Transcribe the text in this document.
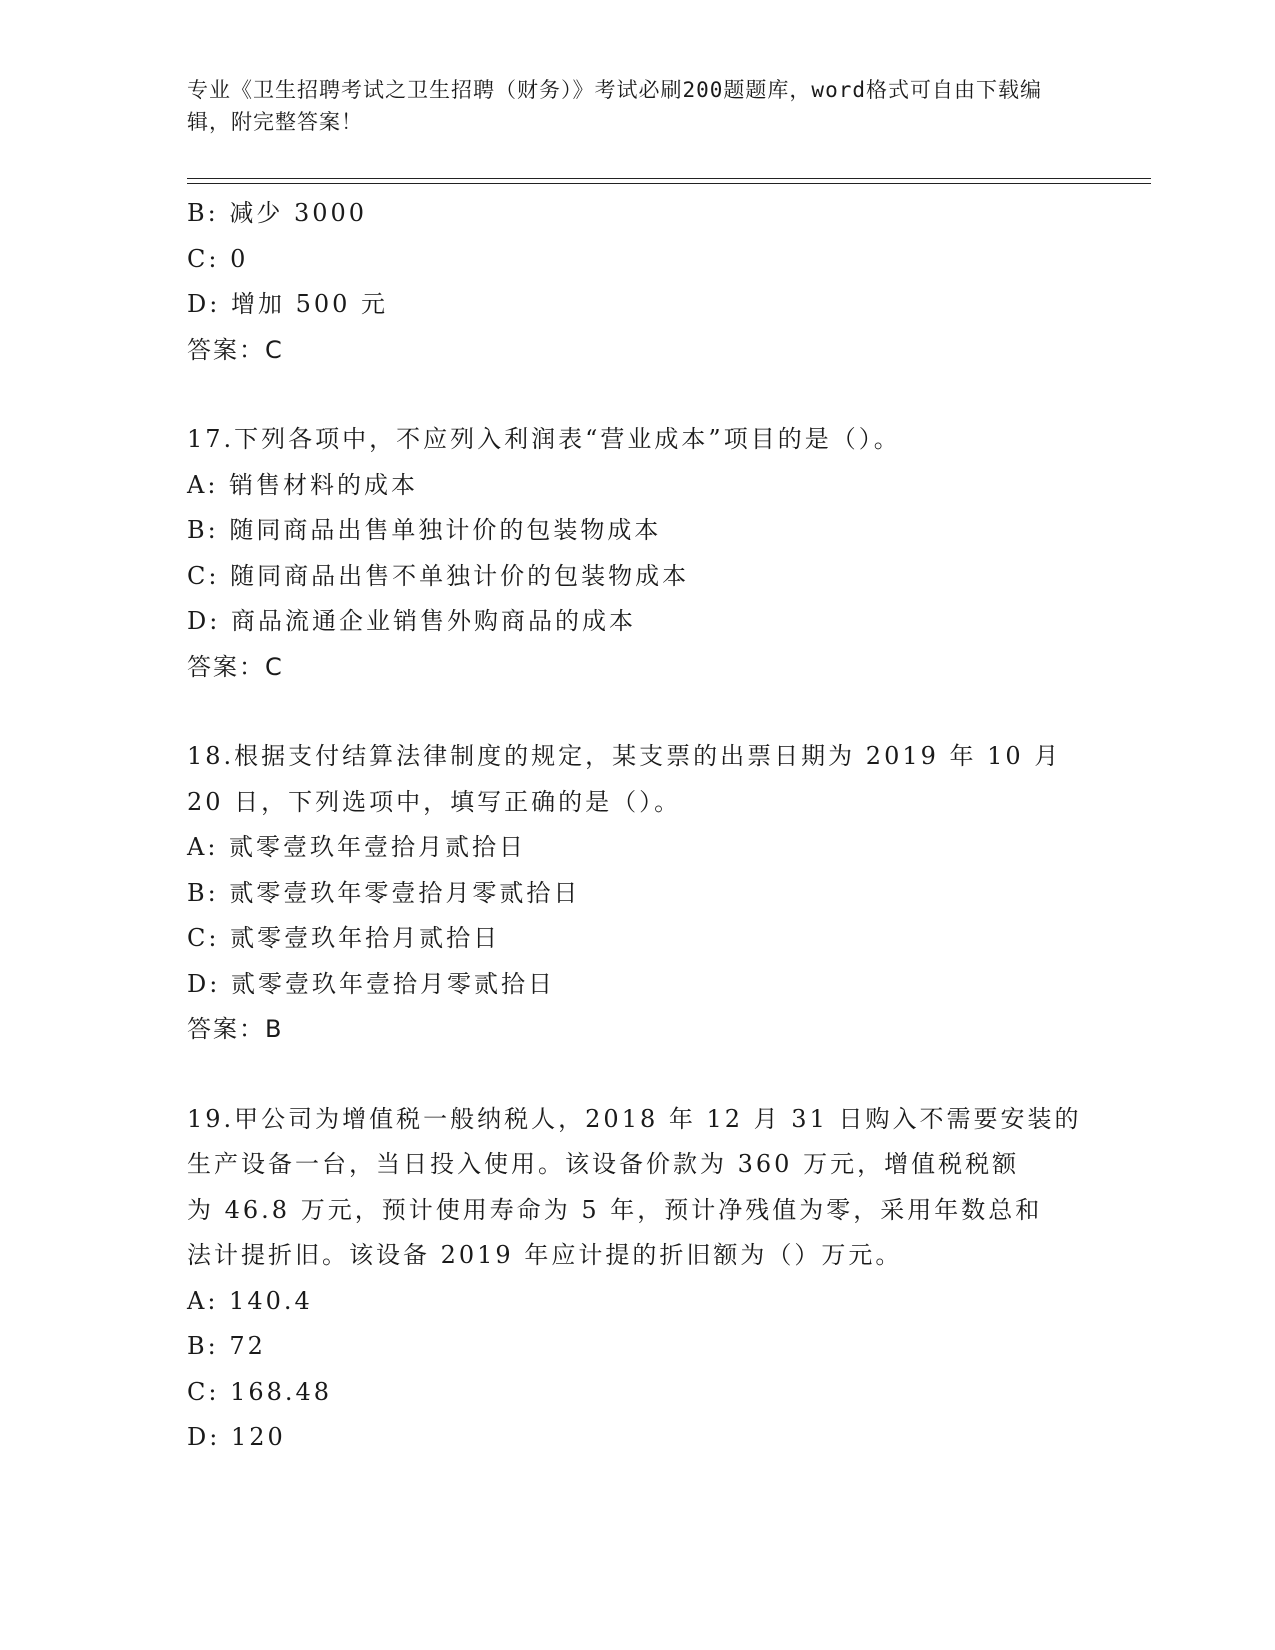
专业《卫生招聘考试之卫生招聘（财务）》考试必刷200题题库，word格式可自由下载编辑，附完整答案！
B: 减少 3000
C: 0
D: 增加 500 元
答案：C
17.下列各项中，不应列入利润表“营业成本”项目的是（）。
A: 销售材料的成本
B: 随同商品出售单独计价的包装物成本
C: 随同商品出售不单独计价的包装物成本
D: 商品流通企业销售外购商品的成本
答案：C
18.根据支付结算法律制度的规定，某支票的出票日期为 2019 年 10 月
20 日，下列选项中，填写正确的是（）。
A: 贰零壹玖年壹拾月贰拾日
B: 贰零壹玖年零壹拾月零贰拾日
C: 贰零壹玖年拾月贰拾日
D: 贰零壹玖年壹拾月零贰拾日
答案：B
19.甲公司为增值税一般纳税人，2018 年 12 月 31 日购入不需要安装的
生产设备一台，当日投入使用。该设备价款为 360 万元，增值税税额
为 46.8 万元，预计使用寿命为 5 年，预计净残值为零，采用年数总和
法计提折旧。该设备 2019 年应计提的折旧额为（）万元。
A: 140.4
B: 72
C: 168.48
D: 120
